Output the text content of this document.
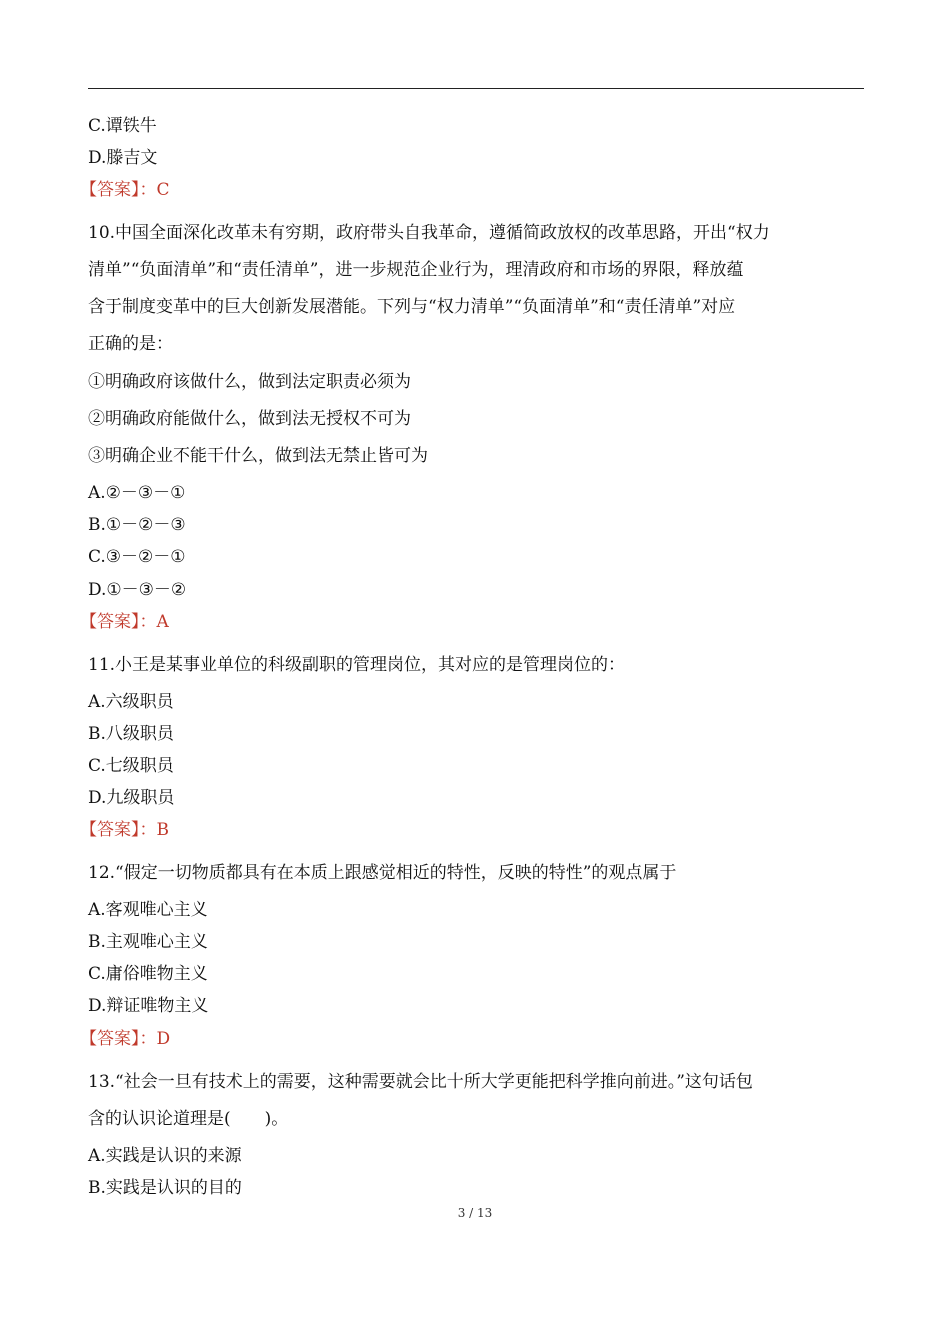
C.谭铁牛
D.滕吉文
【答案】：C
10.中国全面深化改革未有穷期，政府带头自我革命，遵循简政放权的改革思路，开出“权力
清单”“负面清单”和“责任清单”，进一步规范企业行为，理清政府和市场的界限，释放蕴
含于制度变革中的巨大创新发展潜能。下列与“权力清单”“负面清单”和“责任清单”对应
正确的是：
①明确政府该做什么，做到法定职责必须为
②明确政府能做什么，做到法无授权不可为
③明确企业不能干什么，做到法无禁止皆可为
A.②－③－①
B.①－②－③
C.③－②－①
D.①－③－②
【答案】：A
11.小王是某事业单位的科级副职的管理岗位，其对应的是管理岗位的：
A.六级职员
B.八级职员
C.七级职员
D.九级职员
【答案】：B
12.“假定一切物质都具有在本质上跟感觉相近的特性，反映的特性”的观点属于
A.客观唯心主义
B.主观唯心主义
C.庸俗唯物主义
D.辩证唯物主义
【答案】：D
13.“社会一旦有技术上的需要，这种需要就会比十所大学更能把科学推向前进。”这句话包
含的认识论道理是(　　)。
A.实践是认识的来源
B.实践是认识的目的
3 / 13
